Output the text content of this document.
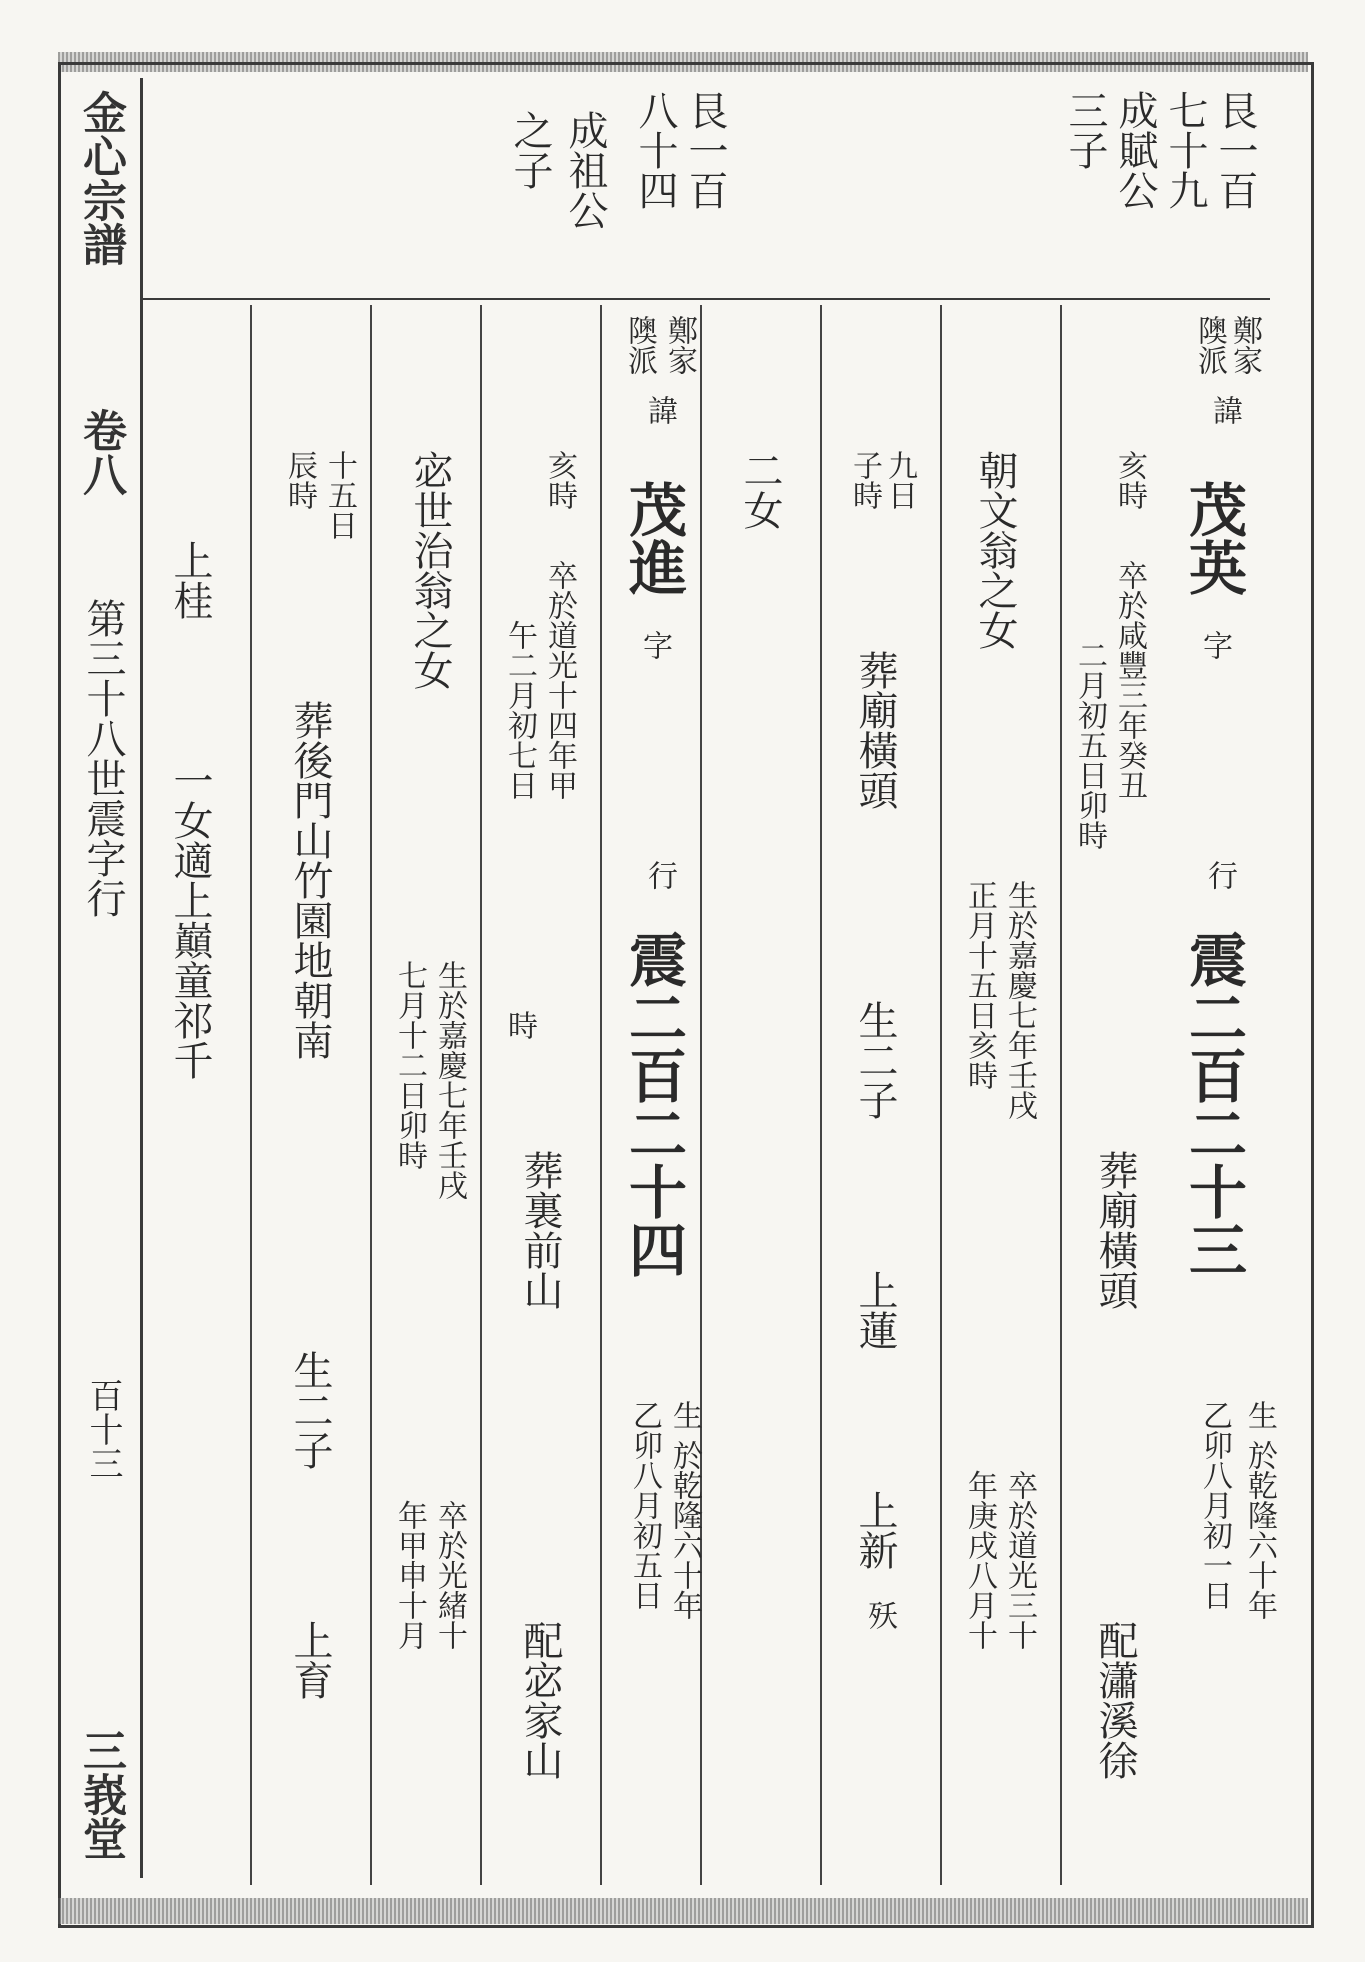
金心宗譜
卷八
第三十八世震字行
百十三
三峩堂
艮一百
七十九
成賦公
三子
艮一百
八十四
成祖公
之子
鄭家
隩派
諱
茂英
字
行
震二百二十三
生
於乾隆六十年
乙卯八月初一日
亥時
卒於咸豐三年癸丑
二月初五日卯時
葬廟橫頭
配瀟溪徐
朝文翁之女
生於嘉慶七年壬戌
正月十五日亥時
卒於道光三十
年庚戌八月十
九日
子時
葬廟橫頭
生二子
上蓮
上新
殀
二女
鄭家
隩派
諱
茂進
字
行
震二百二十四
生
於乾隆六十年
乙卯八月初五日
亥時
卒於道光十四年甲
午二月初七日
時
葬裏前山
配宓家山
宓世治翁之女
生於嘉慶七年壬戌
七月十二日卯時
卒於光緒十
年甲申十月
十五日
辰時
葬後門山竹園地朝南
生二子
上育
上桂
一女適上巔童祁千
